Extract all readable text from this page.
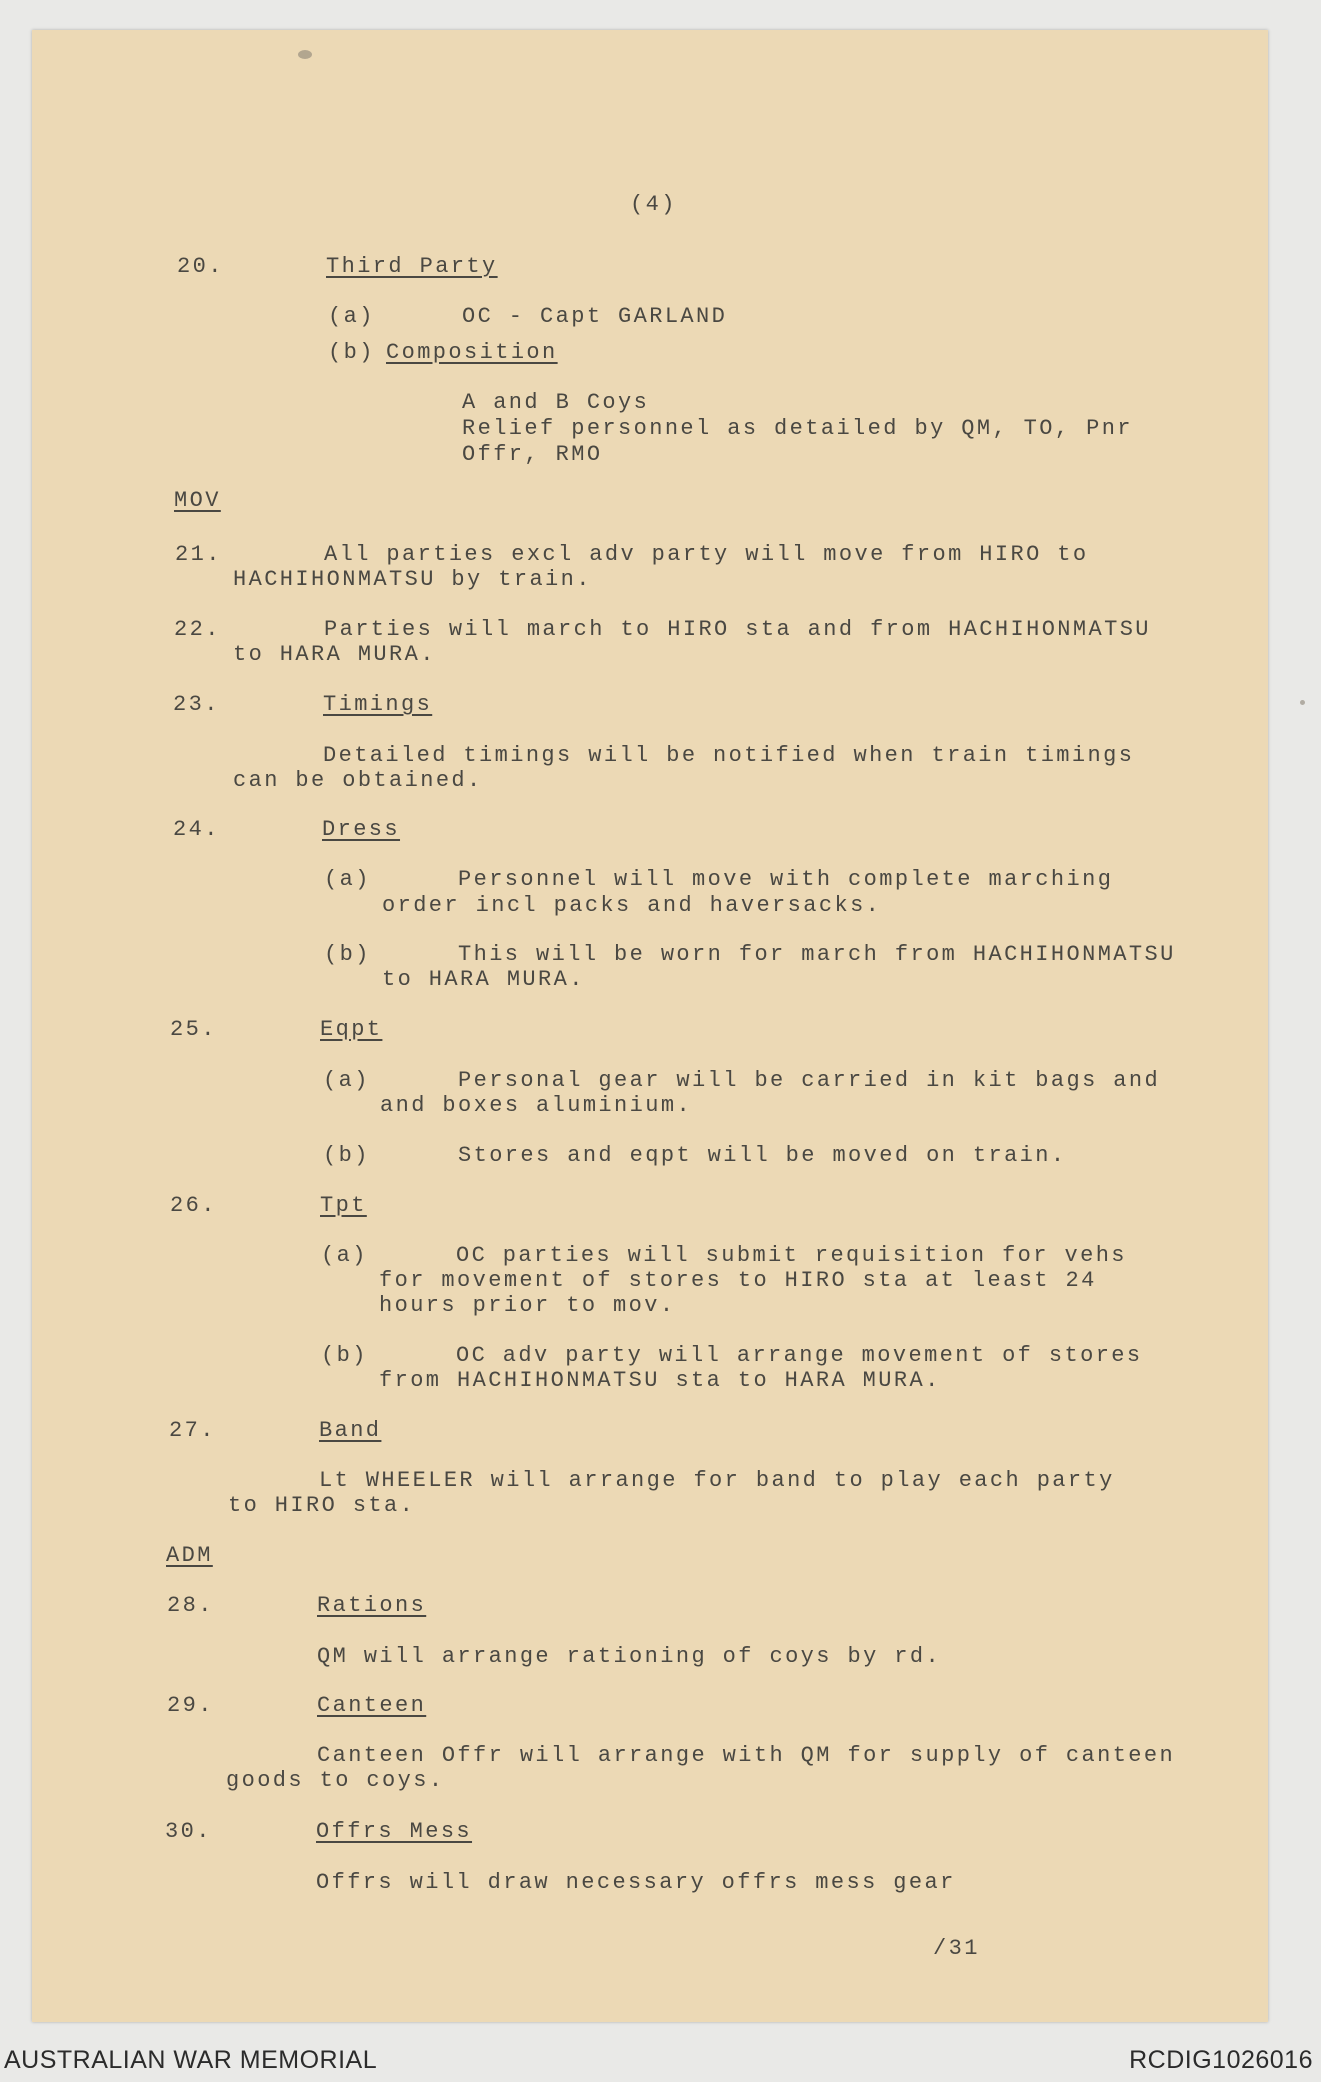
(4)
20.	Third Party
(a)	OC - Capt GARLAND
(b) Composition
A and B Coys
Relief personnel as detailed by QM, TO, Pnr
Offr, RMO
MOV
21.	All parties excl adv party will move from HIRO to
HACHIHONMATSU by train.
22.	Parties will march to HIRO sta and from HACHIHONMATSU
to HARA MURA.
23.	Timings
Detailed timings will be notified when train timings
can be obtained.
24.	Dress
(a)	Personnel will move with complete marching
order incl packs and haversacks.
(b)	This will be worn for march from HACHIHONMATSU
to HARA MURA.
25.	Eqpt
(a)	Personal gear will be carried in kit bags and
and boxes aluminium.
(b)	Stores and eqpt will be moved on train.
26.	Tpt
(a)	OC parties will submit requisition for vehs
for movement of stores to HIRO sta at least 24
hours prior to mov.
(b)	OC adv party will arrange movement of stores
from HACHIHONMATSU sta to HARA MURA.
27.	Band
Lt WHEELER will arrange for band to play each party
to HIRO sta.
ADM
28.	Rations
QM will arrange rationing of coys by rd.
29.	Canteen
Canteen Offr will arrange with QM for supply of canteen
goods to coys.
30.	Offrs Mess
Offrs will draw necessary offrs mess gear
/31
AUSTRALIAN WAR MEMORIAL	RCDIG1026016
